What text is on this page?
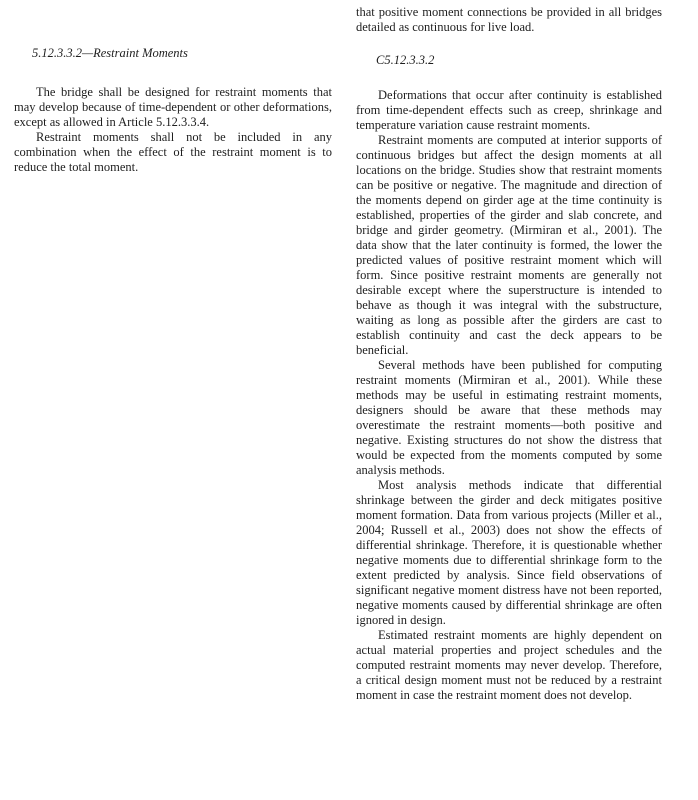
5.12.3.3.2—Restraint Moments

The bridge shall be designed for restraint moments that may develop because of time-dependent or other deformations, except as allowed in Article 5.12.3.3.4.

Restraint moments shall not be included in any combination when the effect of the restraint moment is to reduce the total moment.

that positive moment connections be provided in all bridges detailed as continuous for live load.

C5.12.3.3.2

Deformations that occur after continuity is established from time-dependent effects such as creep, shrinkage and temperature variation cause restraint moments.

Restraint moments are computed at interior supports of continuous bridges but affect the design moments at all locations on the bridge. Studies show that restraint moments can be positive or negative. The magnitude and direction of the moments depend on girder age at the time continuity is established, properties of the girder and slab concrete, and bridge and girder geometry. (Mirmiran et al., 2001). The data show that the later continuity is formed, the lower the predicted values of positive restraint moment which will form. Since positive restraint moments are generally not desirable except where the superstructure is intended to behave as though it was integral with the substructure, waiting as long as possible after the girders are cast to establish continuity and cast the deck appears to be beneficial.

Several methods have been published for computing restraint moments (Mirmiran et al., 2001). While these methods may be useful in estimating restraint moments, designers should be aware that these methods may overestimate the restraint moments—both positive and negative. Existing structures do not show the distress that would be expected from the moments computed by some analysis methods.

Most analysis methods indicate that differential shrinkage between the girder and deck mitigates positive moment formation. Data from various projects (Miller et al., 2004; Russell et al., 2003) does not show the effects of differential shrinkage. Therefore, it is questionable whether negative moments due to differential shrinkage form to the extent predicted by analysis. Since field observations of significant negative moment distress have not been reported, negative moments caused by differential shrinkage are often ignored in design.

Estimated restraint moments are highly dependent on actual material properties and project schedules and the computed restraint moments may never develop. Therefore, a critical design moment must not be reduced by a restraint moment in case the restraint moment does not develop.
